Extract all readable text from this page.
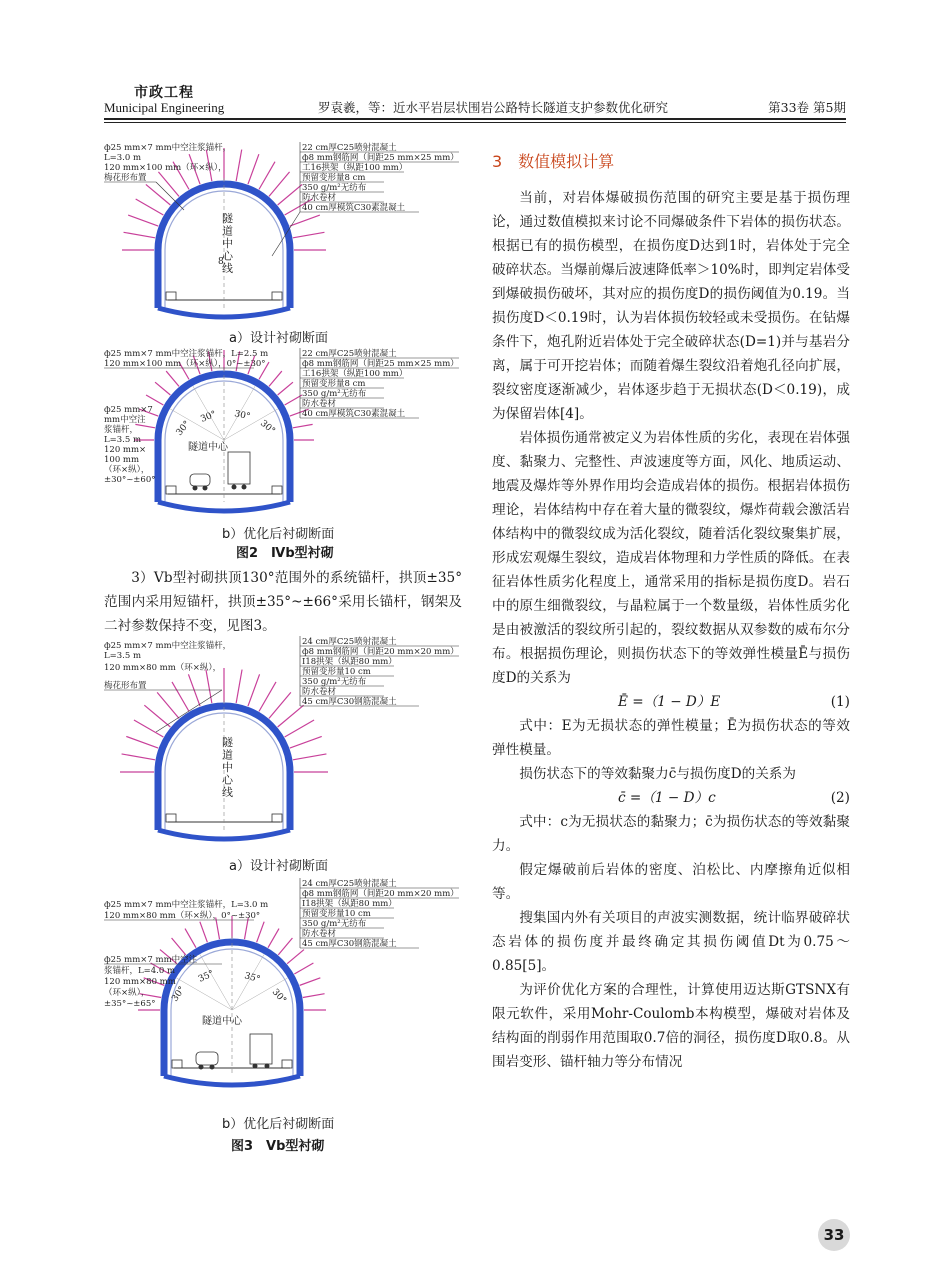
市政工程
Municipal Engineering	罗袁羲，等：近水平岩层状围岩公路特长隧道支护参数优化研究	第33卷 第5期
ф25 mm×7 mm中空注浆锚杆， L=3.0 m 120 mm×100 mm（环×纵）， 梅花形布置
22 cm厚C25喷射混凝土
ф8 mm钢筋网（间距25 mm×25 mm）
工16拱架（纵距100 mm）
预留变形量8 cm
350 g/m²无纺布
防水卷材
40 cm厚模筑C30素混凝土
隧道中心线
8
a）设计衬砌断面
ф25 mm×7 mm中空注浆锚杆，L=2.5 m 120 mm×100 mm（环×纵），0°~±30°
ф25 mm×7 mm中空注 浆锚杆， L=3.5 m 120 mm× 100 mm （环×纵）， ±30°~±60°
22 cm厚C25喷射混凝土
ф8 mm钢筋网（间距25 mm×25 mm）
工16拱架（纵距100 mm）
预留变形量8 cm
350 g/m²无纺布
防水卷材
40 cm厚模筑C30素混凝土
隧道中心
30°
30° 30°
30°
b）优化后衬砌断面
图2　Ⅳb型衬砌
3）Ⅴb型衬砌拱顶130°范围外的系统锚杆，拱顶±35°范围内采用短锚杆，拱顶±35°~±66°采用长锚杆，钢架及二衬参数保持不变，见图3。
ф25 mm×7 mm中空注浆锚杆， L=3.5 m 120 mm×80 mm（环×纵）， 梅花形布置
24 cm厚C25喷射混凝土
ф8 mm钢筋网（间距20 mm×20 mm）
I18拱架（纵距80 mm）
预留变形量10 cm
350 g/m²无纺布
防水卷材
45 cm厚C30钢筋混凝土
隧道中心线
a）设计衬砌断面
ф25 mm×7 mm中空注浆锚杆，L=3.0 m 120 mm×80 mm（环×纵），0°~±30°
ф25 mm×7 mm中空注 浆锚杆，L=4.0 m 120 mm×80 mm （环×纵）， ±35°~±65°
24 cm厚C25喷射混凝土
ф8 mm钢筋网（间距20 mm×20 mm）
I18拱架（纵距80 mm）
预留变形量10 cm
350 g/m²无纺布
防水卷材
45 cm厚C30钢筋混凝土
隧道中心
30°
35°	35°
30°
b）优化后衬砌断面
图3　Ⅴb型衬砌
3　数值模拟计算

当前，对岩体爆破损伤范围的研究主要是基于损伤理论，通过数值模拟来讨论不同爆破条件下岩体的损伤状态。根据已有的损伤模型，在损伤度D达到1时，岩体处于完全破碎状态。当爆前爆后波速降低率＞10%时，即判定岩体受到爆破损伤破坏，其对应的损伤度D的损伤阈值为0.19。当损伤度D＜0.19时，认为岩体损伤较轻或未受损伤。在钻爆条件下，炮孔附近岩体处于完全破碎状态(D=1)并与基岩分离，属于可开挖岩体；而随着爆生裂纹沿着炮孔径向扩展，裂纹密度逐渐减少，岩体逐步趋于无损状态(D＜0.19)，成为保留岩体[4]。

岩体损伤通常被定义为岩体性质的劣化，表现在岩体强度、黏聚力、完整性、声波速度等方面，风化、地质运动、地震及爆炸等外界作用均会造成岩体的损伤。根据岩体损伤理论，岩体结构中存在着大量的微裂纹，爆炸荷载会激活岩体结构中的微裂纹成为活化裂纹，随着活化裂纹聚集扩展，形成宏观爆生裂纹，造成岩体物理和力学性质的降低。在表征岩体性质劣化程度上，通常采用的指标是损伤度D。岩石中的原生细微裂纹，与晶粒属于一个数量级，岩体性质劣化是由被激活的裂纹所引起的，裂纹数据从双参数的威布尔分布。根据损伤理论，则损伤状态下的等效弹性模量Ē与损伤度D的关系为

Ē =（1 − D）E	(1)

式中：E为无损状态的弹性模量；Ē为损伤状态的等效弹性模量。

损伤状态下的等效黏聚力c̄与损伤度D的关系为

c̄ =（1 − D）c	(2)

式中：c为无损状态的黏聚力；c̄为损伤状态的等效黏聚力。

假定爆破前后岩体的密度、泊松比、内摩擦角近似相等。

搜集国内外有关项目的声波实测数据，统计临界破碎状态岩体的损伤度并最终确定其损伤阈值Dt为0.75～0.85[5]。

为评价优化方案的合理性，计算使用迈达斯GTSNX有限元软件，采用Mohr-Coulomb本构模型，爆破对岩体及结构面的削弱作用范围取0.7倍的洞径，损伤度D取0.8。从围岩变形、锚杆轴力等分布情况

33
